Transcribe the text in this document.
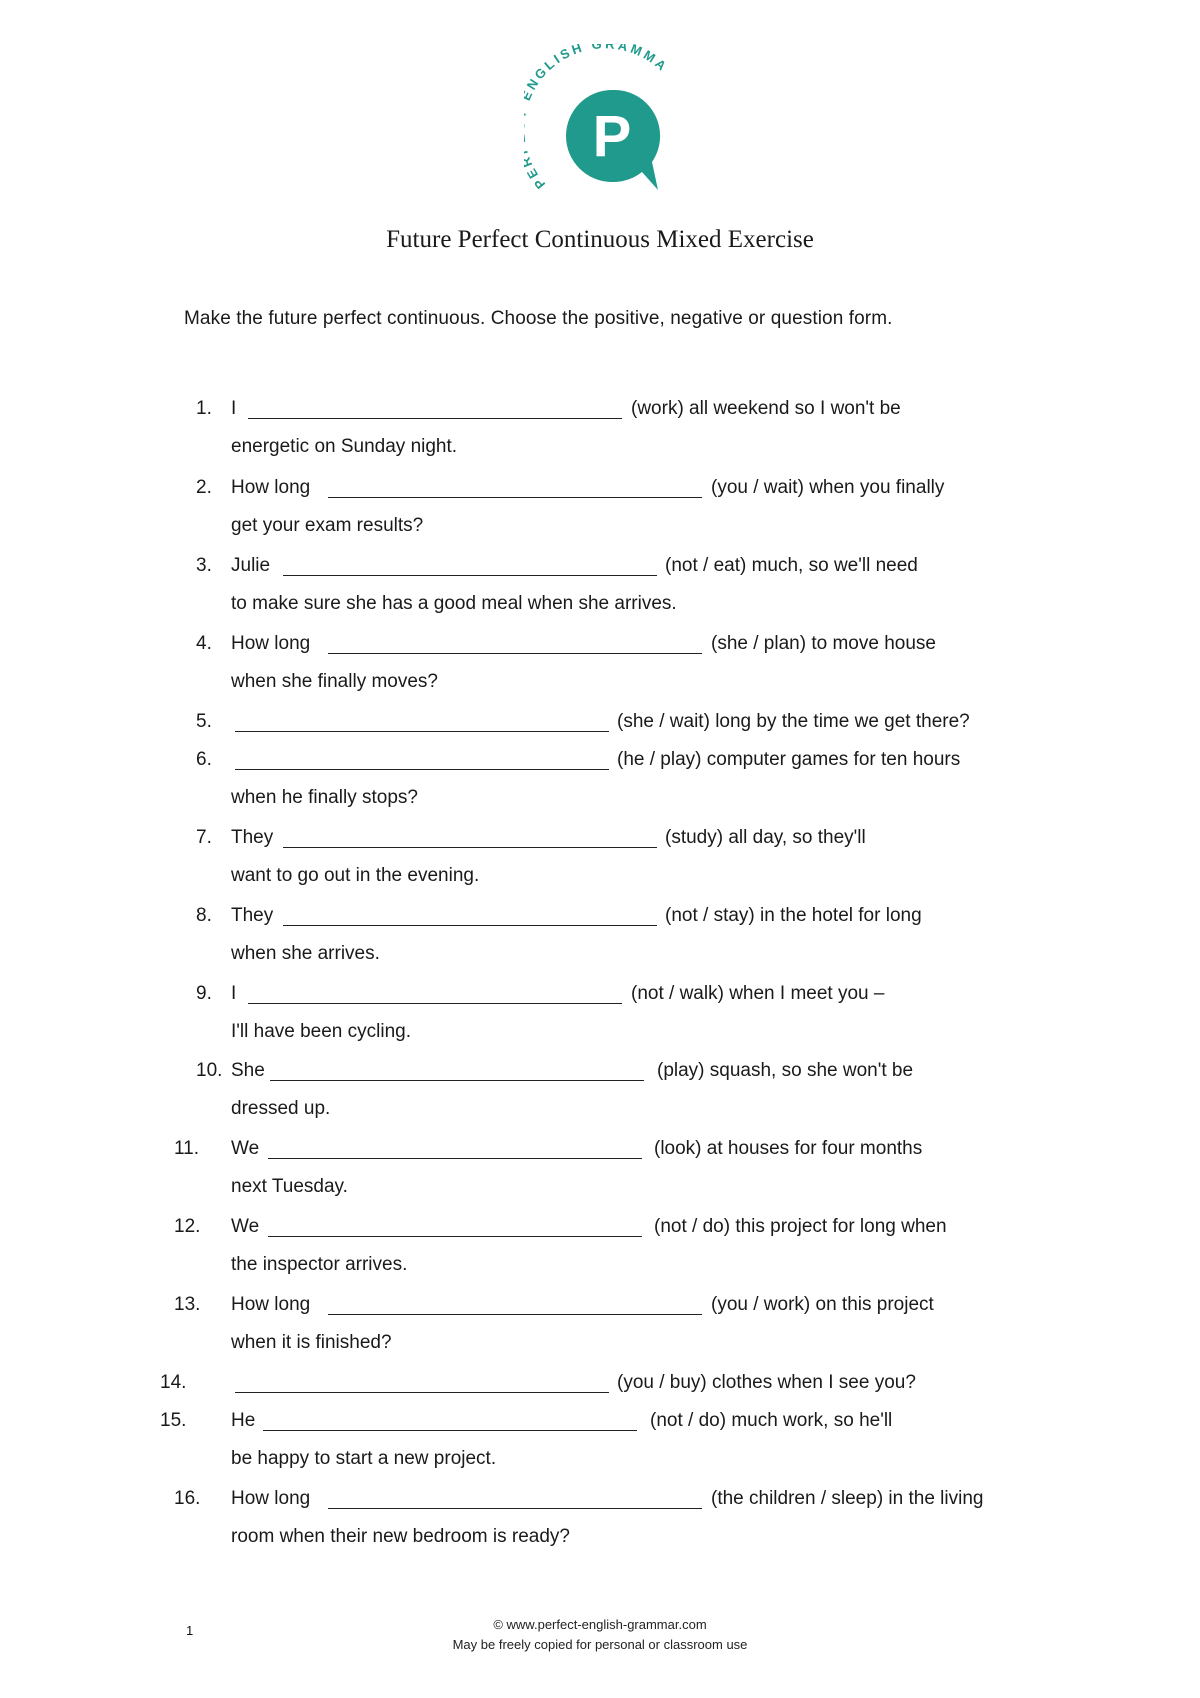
PE NGLISH GRAMMA
P
Future Perfect Continuous Mixed Exercise
Make the future perfect continuous. Choose the positive, negative or question form.
1. I	(work) all weekend so I won't be
energetic on Sunday night.
2. How long	(you / wait) when you finally
get your exam results?
3. Julie	(not / eat) much, so we'll need
to make sure she has a good meal when she arrives.
4. How long	(she / plan) to move house
when she finally moves?
5.	(she / wait) long by the time we get there?
6.	(he / play) computer games for ten hours
when he finally stops?
7. They	(study) all day, so they'll
want to go out in the evening.
8. They	(not / stay) in the hotel for long
when she arrives.
9. I	(not / walk) when I meet you –
I'll have been cycling.
10. She	(play) squash, so she won't be
dressed up.
11. We	(look) at houses for four months
next Tuesday.
12. We	(not / do) this project for long when
the inspector arrives.
13. How long	(you / work) on this project
when it is finished?
14.	(you / buy) clothes when I see you?
15. He	(not / do) much work, so he'll
be happy to start a new project.
16. How long	(the children / sleep) in the living
room when their new bedroom is ready?
1	© www.perfect-english-grammar.com
May be freely copied for personal or classroom use
